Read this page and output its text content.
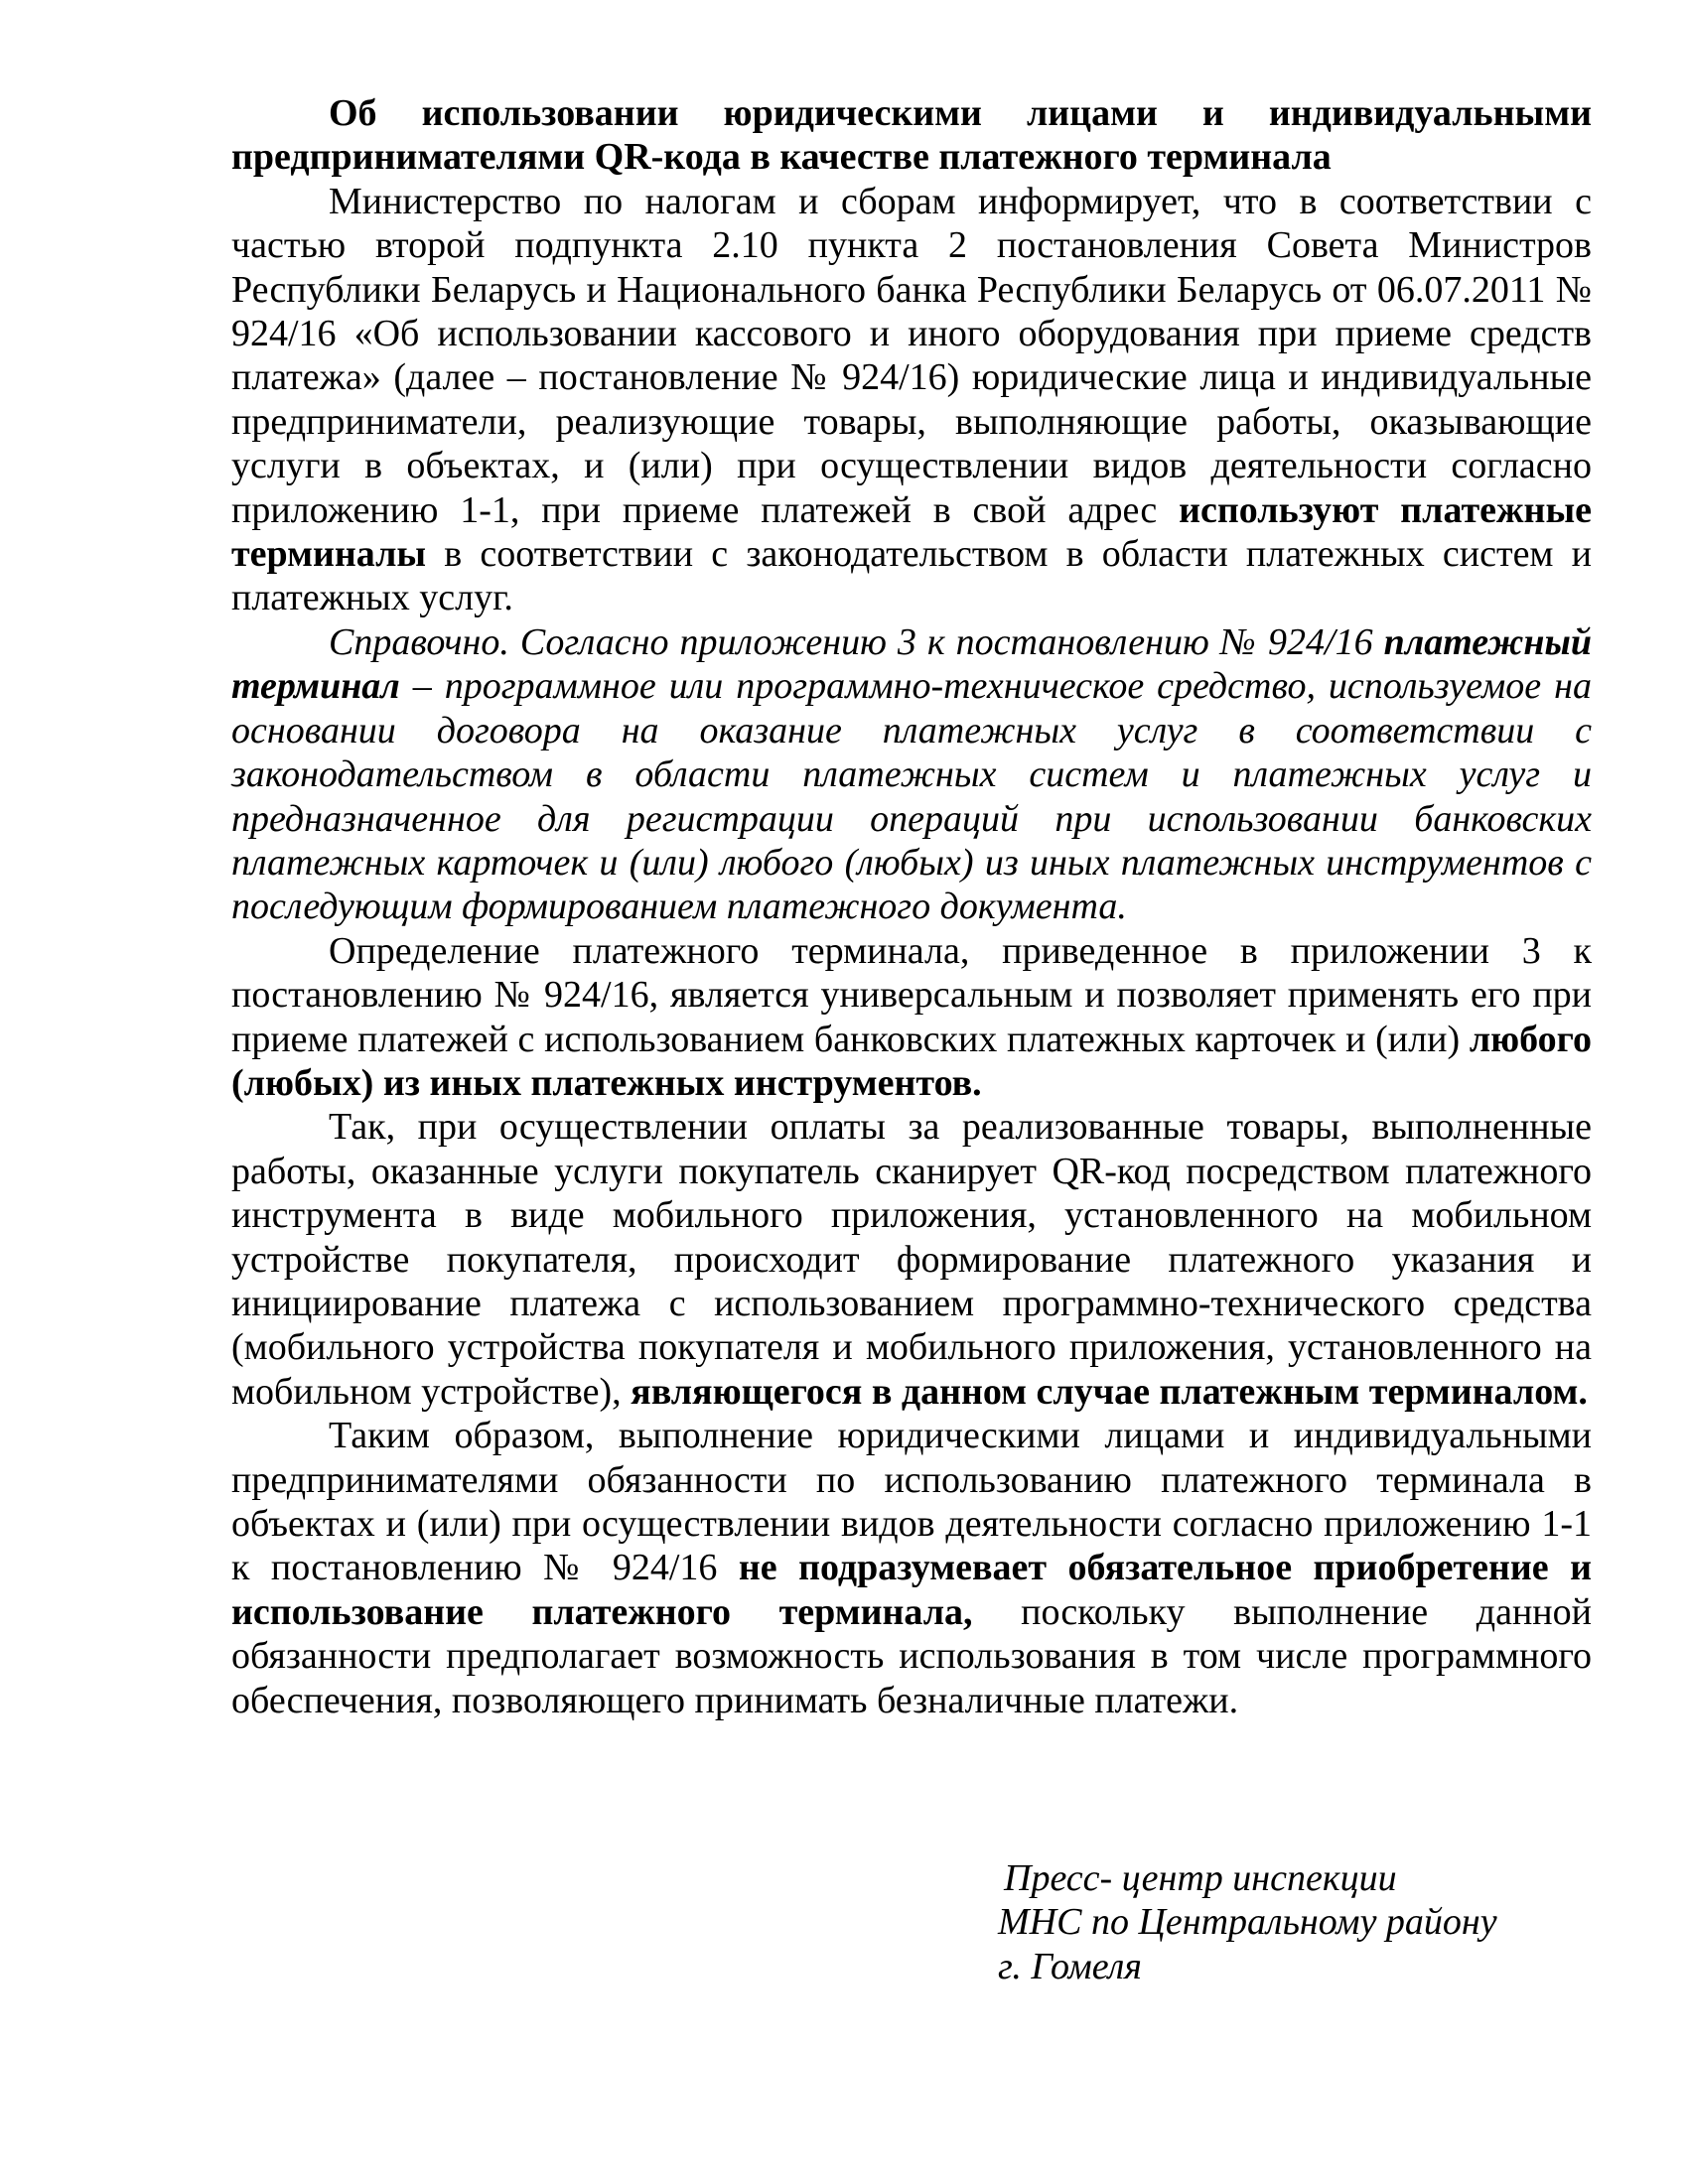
Об использовании юридическими лицами и индивидуальными предпринимателями QR-кода в качестве платежного терминала

Министерство по налогам и сборам информирует, что в соответствии с частью второй подпункта 2.10 пункта 2 постановления Совета Министров Республики Беларусь и Национального банка Республики Беларусь от 06.07.2011 № 924/16 «Об использовании кассового и иного оборудования при приеме средств платежа» (далее – постановление № 924/16) юридические лица и индивидуальные предприниматели, реализующие товары, выполняющие работы, оказывающие услуги в объектах, и (или) при осуществлении видов деятельности согласно приложению 1-1, при приеме платежей в свой адрес используют платежные терминалы в соответствии с законодательством в области платежных систем и платежных услуг.

Справочно. Согласно приложению 3 к постановлению № 924/16 платежный терминал – программное или программно-техническое средство, используемое на основании договора на оказание платежных услуг в соответствии с законодательством в области платежных систем и платежных услуг и предназначенное для регистрации операций при использовании банковских платежных карточек и (или) любого (любых) из иных платежных инструментов с последующим формированием платежного документа.

Определение платежного терминала, приведенное в приложении 3 к постановлению № 924/16, является универсальным и позволяет применять его при приеме платежей с использованием банковских платежных карточек и (или) любого (любых) из иных платежных инструментов.

Так, при осуществлении оплаты за реализованные товары, выполненные работы, оказанные услуги покупатель сканирует QR-код посредством платежного инструмента в виде мобильного приложения, установленного на мобильном устройстве покупателя, происходит формирование платежного указания и инициирование платежа с использованием программно-технического средства (мобильного устройства покупателя и мобильного приложения, установленного на мобильном устройстве), являющегося в данном случае платежным терминалом.

Таким образом, выполнение юридическими лицами и индивидуальными предпринимателями обязанности по использованию платежного терминала в объектах и (или) при осуществлении видов деятельности согласно приложению 1-1 к постановлению № 924/16 не подразумевает обязательное приобретение и использование платежного терминала, поскольку выполнение данной обязанности предполагает возможность использования в том числе программного обеспечения, позволяющего принимать безналичные платежи.

Пресс- центр инспекции
МНС по Центральному району
г. Гомеля
